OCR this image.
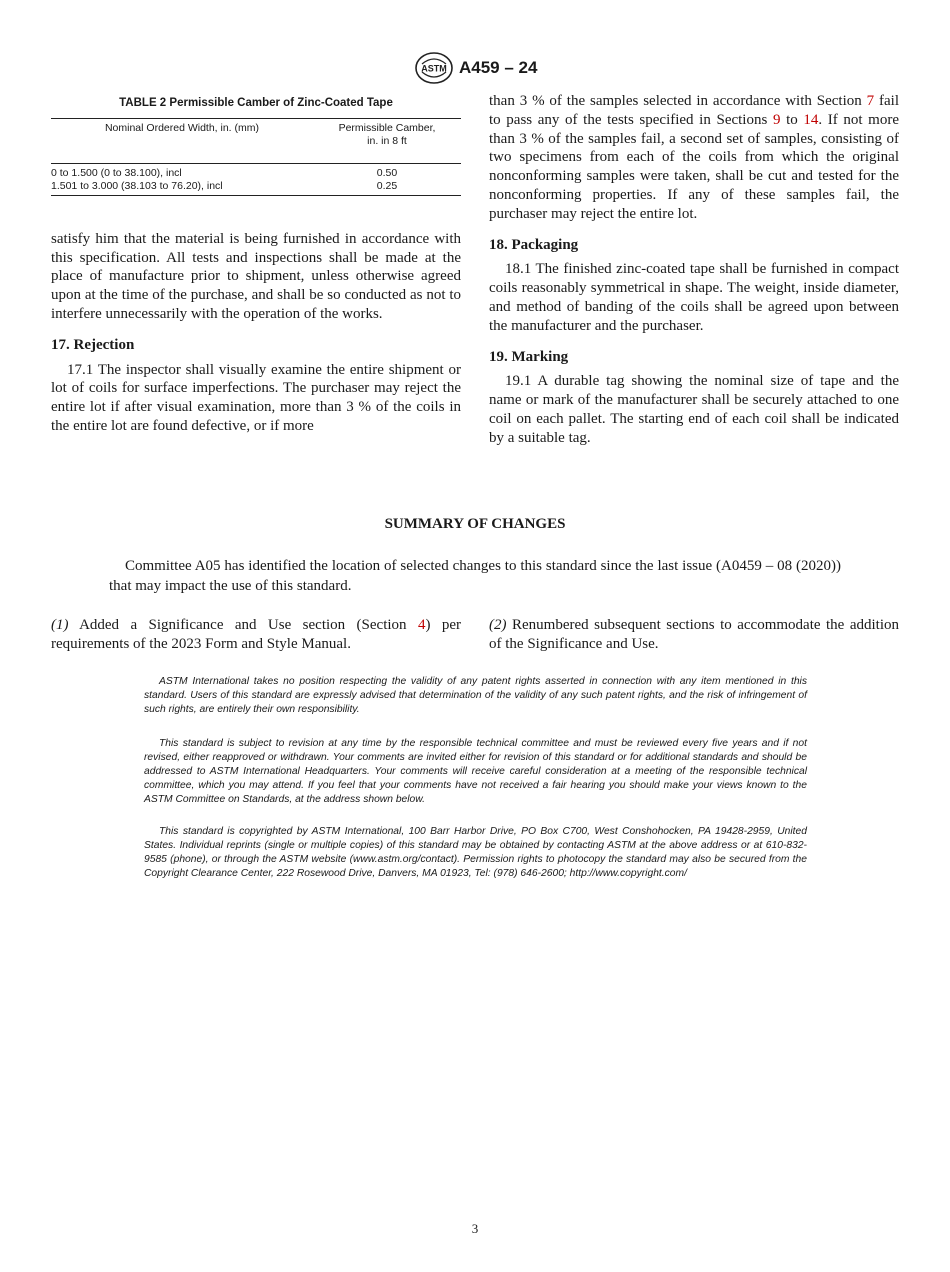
ASTM A459 – 24
TABLE 2 Permissible Camber of Zinc-Coated Tape
Nominal Ordered Width, in. (mm)	Permissible Camber,
in. in 8 ft
0 to 1.500 (0 to 38.100), incl	0.50
1.501 to 3.000 (38.103 to 76.20), incl	0.25

satisfy him that the material is being furnished in accordance with this specification. All tests and inspections shall be made at the place of manufacture prior to shipment, unless otherwise agreed upon at the time of the purchase, and shall be so conducted as not to interfere unnecessarily with the operation of the works.

17. Rejection

17.1 The inspector shall visually examine the entire shipment or lot of coils for surface imperfections. The purchaser may reject the entire lot if after visual examination, more than 3 % of the coils in the entire lot are found defective, or if more

than 3 % of the samples selected in accordance with Section 7 fail to pass any of the tests specified in Sections 9 to 14. If not more than 3 % of the samples fail, a second set of samples, consisting of two specimens from each of the coils from which the original nonconforming samples were taken, shall be cut and tested for the nonconforming properties. If any of these samples fail, the purchaser may reject the entire lot.

18. Packaging

18.1 The finished zinc-coated tape shall be furnished in compact coils reasonably symmetrical in shape. The weight, inside diameter, and method of banding of the coils shall be agreed upon between the manufacturer and the purchaser.

19. Marking

19.1 A durable tag showing the nominal size of tape and the name or mark of the manufacturer shall be securely attached to one coil on each pallet. The starting end of each coil shall be indicated by a suitable tag.

SUMMARY OF CHANGES
Committee A05 has identified the location of selected changes to this standard since the last issue (A0459 – 08 (2020)) that may impact the use of this standard.
(1) Added a Significance and Use section (Section 4) per requirements of the 2023 Form and Style Manual.
(2) Renumbered subsequent sections to accommodate the addition of the Significance and Use.

ASTM International takes no position respecting the validity of any patent rights asserted in connection with any item mentioned in this standard. Users of this standard are expressly advised that determination of the validity of any such patent rights, and the risk of infringement of such rights, are entirely their own responsibility.

This standard is subject to revision at any time by the responsible technical committee and must be reviewed every five years and if not revised, either reapproved or withdrawn. Your comments are invited either for revision of this standard or for additional standards and should be addressed to ASTM International Headquarters. Your comments will receive careful consideration at a meeting of the responsible technical committee, which you may attend. If you feel that your comments have not received a fair hearing you should make your views known to the ASTM Committee on Standards, at the address shown below.

This standard is copyrighted by ASTM International, 100 Barr Harbor Drive, PO Box C700, West Conshohocken, PA 19428-2959, United States. Individual reprints (single or multiple copies) of this standard may be obtained by contacting ASTM at the above address or at 610-832-9585 (phone), or through the ASTM website (www.astm.org/contact). Permission rights to photocopy the standard may also be secured from the Copyright Clearance Center, 222 Rosewood Drive, Danvers, MA 01923, Tel: (978) 646-2600; http://www.copyright.com/

3
